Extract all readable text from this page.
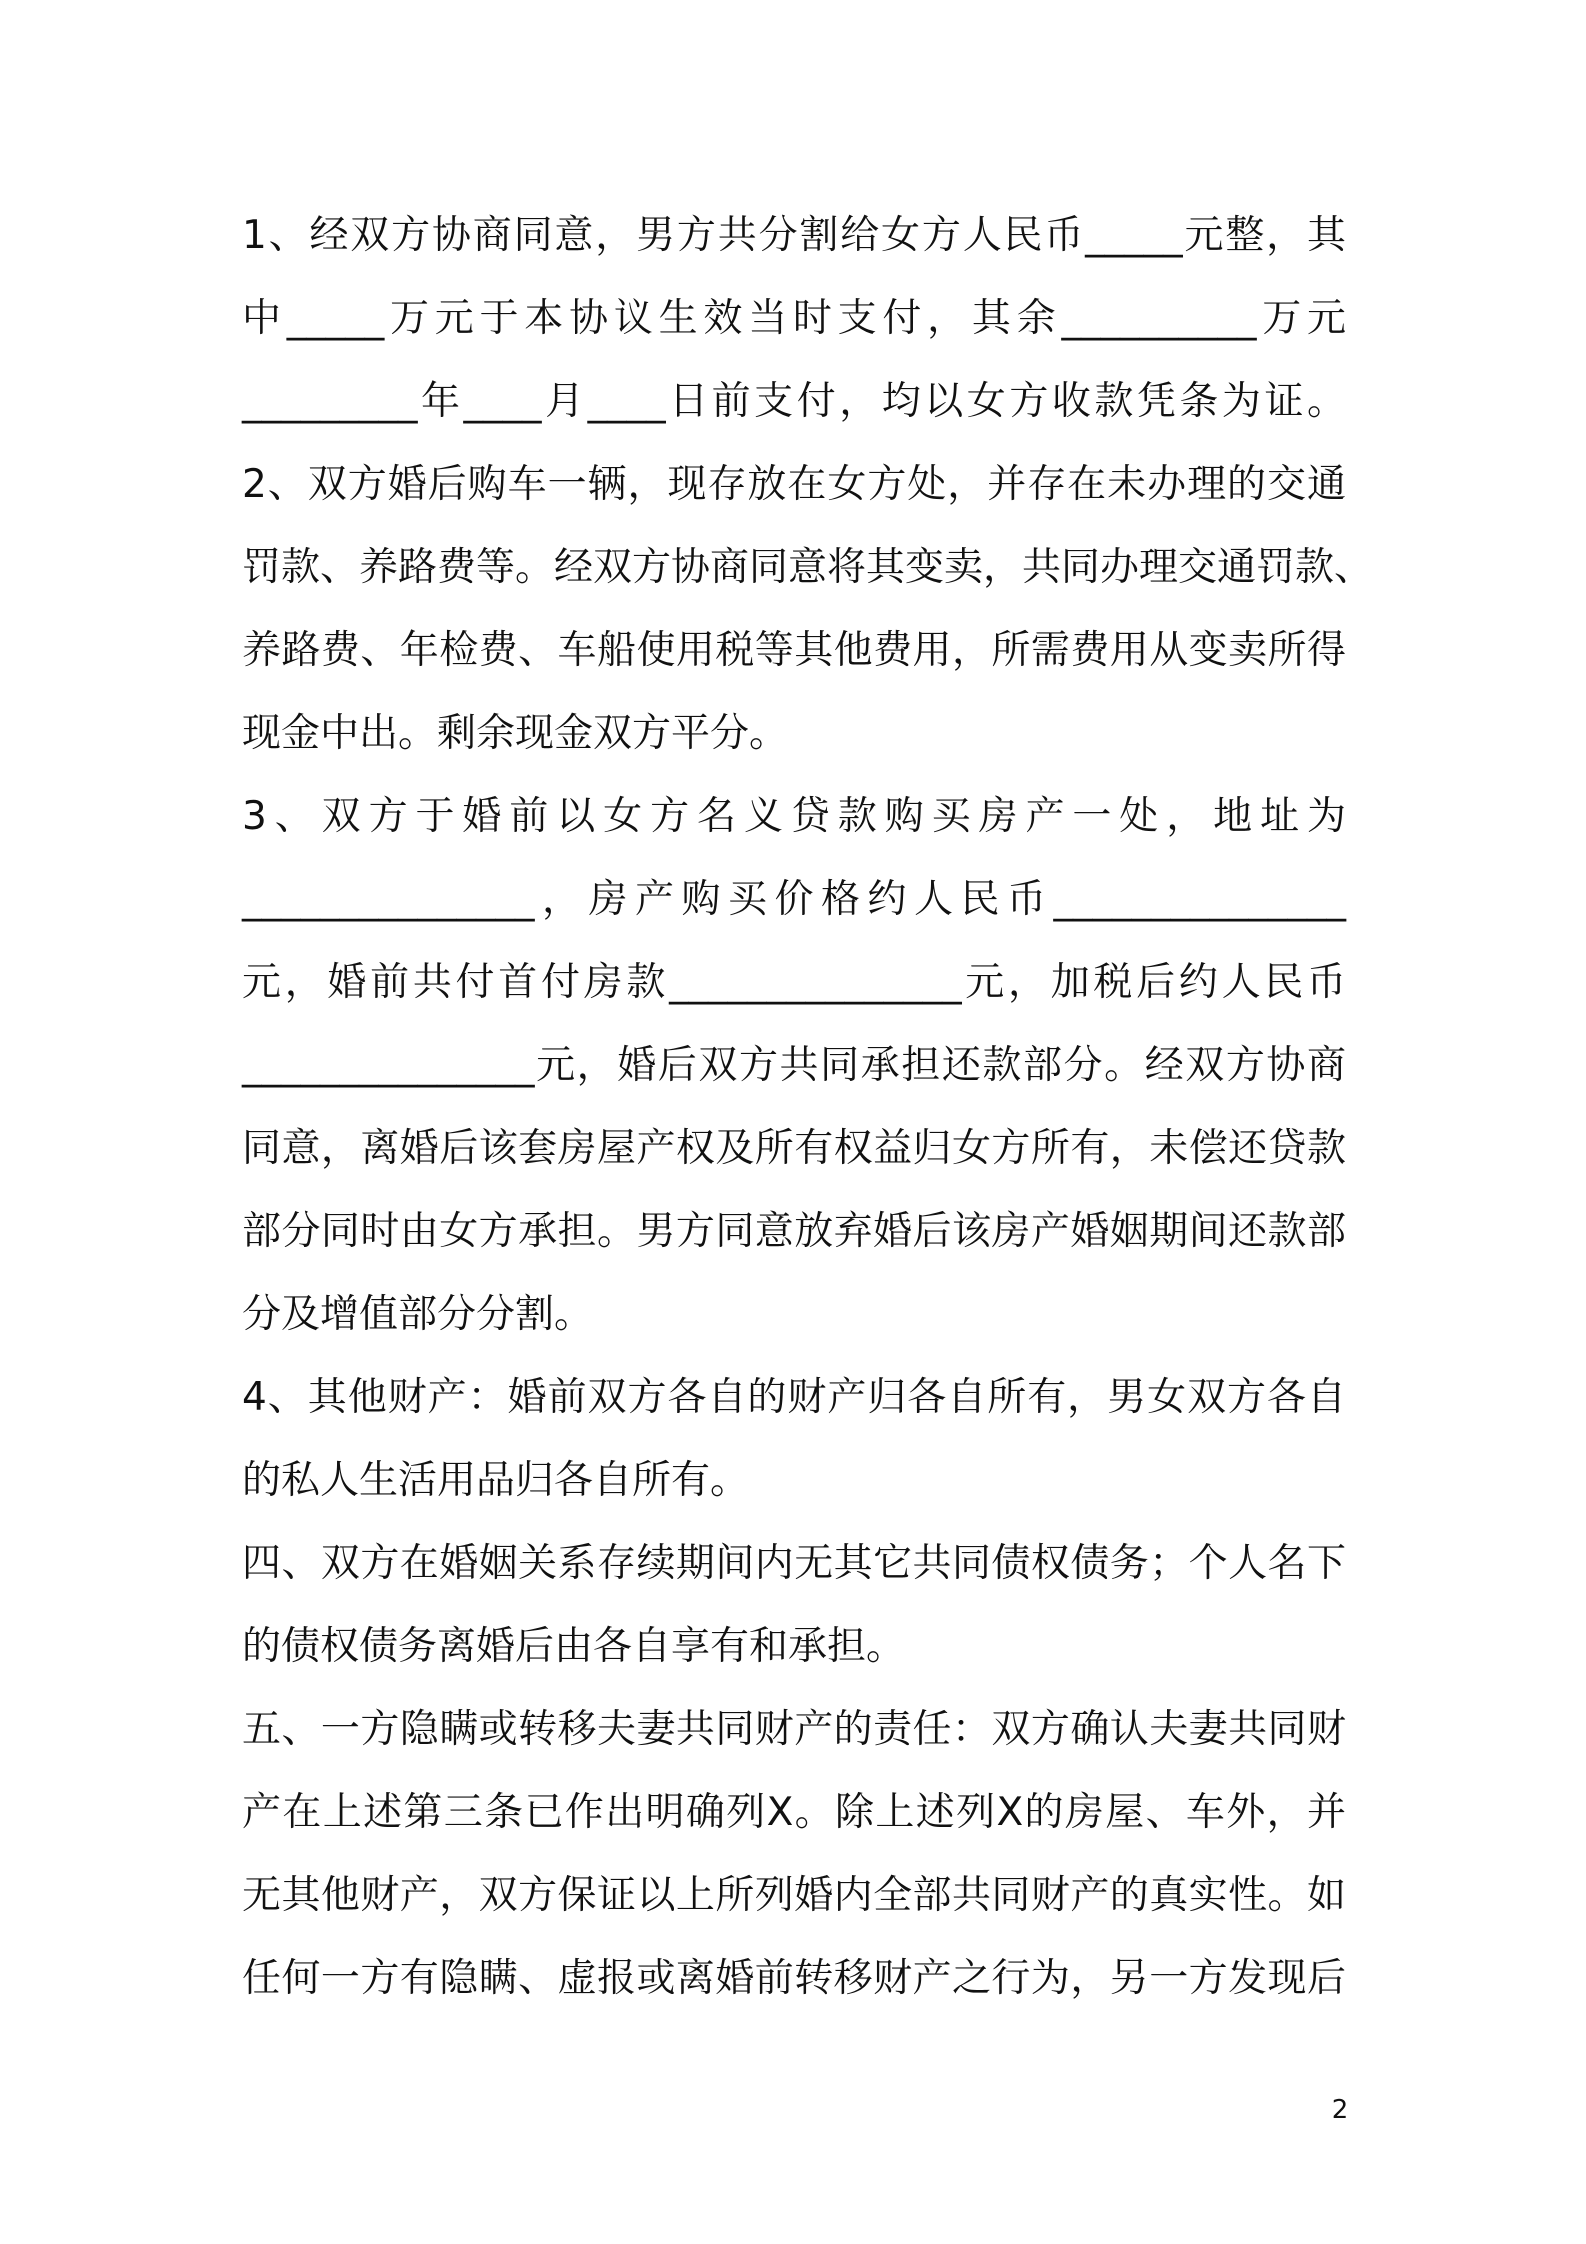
1、经双方协商同意，男方共分割给女方人民币_____元整，其
中_____万元于本协议生效当时支付，其余__________万元
_________年____月____日前支付，均以女方收款凭条为证。
2、双方婚后购车一辆，现存放在女方处，并存在未办理的交通
罚款、养路费等。经双方协商同意将其变卖，共同办理交通罚款、
养路费、年检费、车船使用税等其他费用，所需费用从变卖所得
现金中出。剩余现金双方平分。
3、双方于婚前以女方名义贷款购买房产一处，地址为
_______________，房产购买价格约人民币_______________
元，婚前共付首付房款_______________元，加税后约人民币
_______________元，婚后双方共同承担还款部分。经双方协商
同意，离婚后该套房屋产权及所有权益归女方所有，未偿还贷款
部分同时由女方承担。男方同意放弃婚后该房产婚姻期间还款部
分及增值部分分割。
4、其他财产：婚前双方各自的财产归各自所有，男女双方各自
的私人生活用品归各自所有。
四、双方在婚姻关系存续期间内无其它共同债权债务；个人名下
的债权债务离婚后由各自享有和承担。
五、一方隐瞒或转移夫妻共同财产的责任：双方确认夫妻共同财
产在上述第三条已作出明确列X。除上述列X的房屋、车外，并
无其他财产，双方保证以上所列婚内全部共同财产的真实性。如
任何一方有隐瞒、虚报或离婚前转移财产之行为，另一方发现后
2
